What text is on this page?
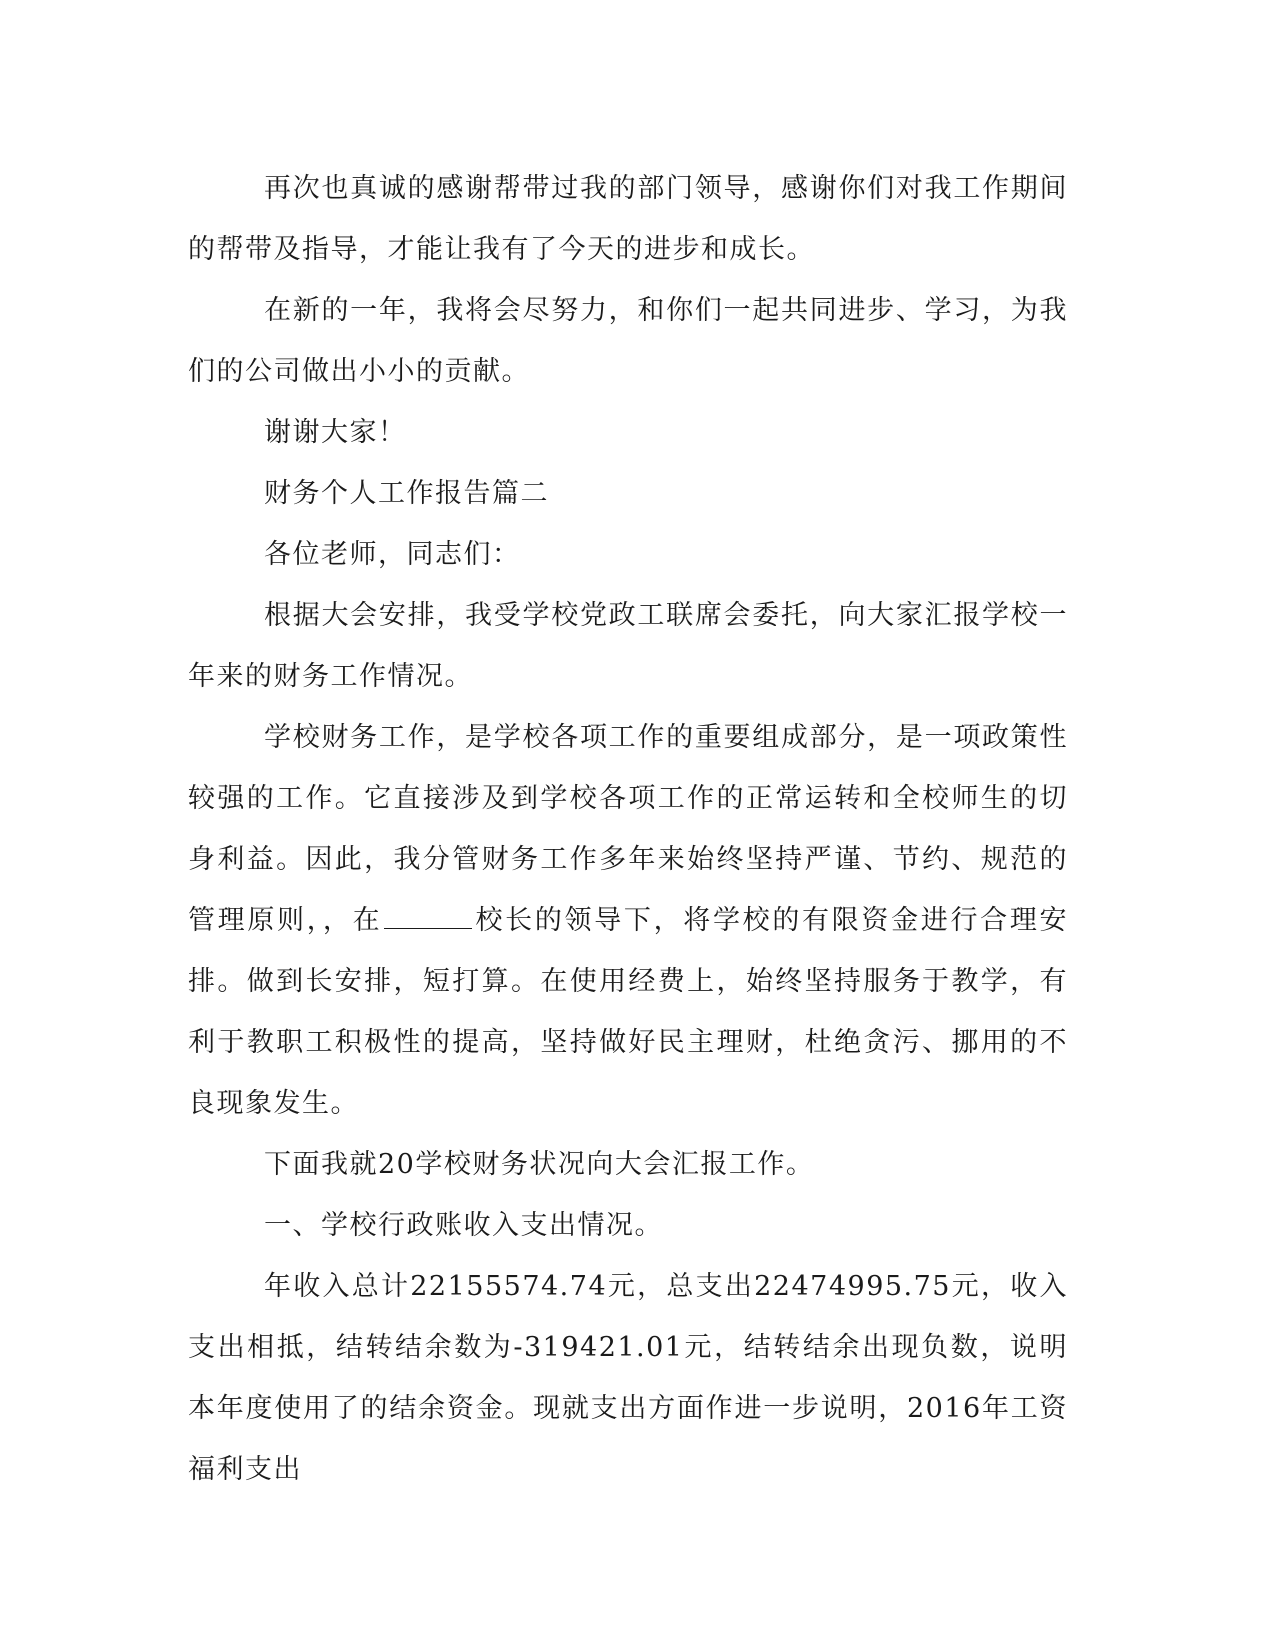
再次也真诚的感谢帮带过我的部门领导，感谢你们对我工作期间的帮带及指导，才能让我有了今天的进步和成长。

在新的一年，我将会尽努力，和你们一起共同进步、学习，为我们的公司做出小小的贡献。

谢谢大家！

财务个人工作报告篇二

各位老师，同志们：

根据大会安排，我受学校党政工联席会委托，向大家汇报学校一年来的财务工作情况。

学校财务工作，是学校各项工作的重要组成部分，是一项政策性较强的工作。它直接涉及到学校各项工作的正常运转和全校师生的切身利益。因此，我分管财务工作多年来始终坚持严谨、节约、规范的管理原则，，在	校长的领导下，将学校的有限资金进行合理安排。做到长安排，短打算。在使用经费上，始终坚持服务于教学，有利于教职工积极性的提高，坚持做好民主理财，杜绝贪污、挪用的不良现象发生。

下面我就20学校财务状况向大会汇报工作。

一、学校行政账收入支出情况。

年收入总计22155574.74元，总支出22474995.75元，收入支出相抵，结转结余数为-319421.01元，结转结余出现负数，说明本年度使用了的结余资金。现就支出方面作进一步说明，2016年工资福利支出
